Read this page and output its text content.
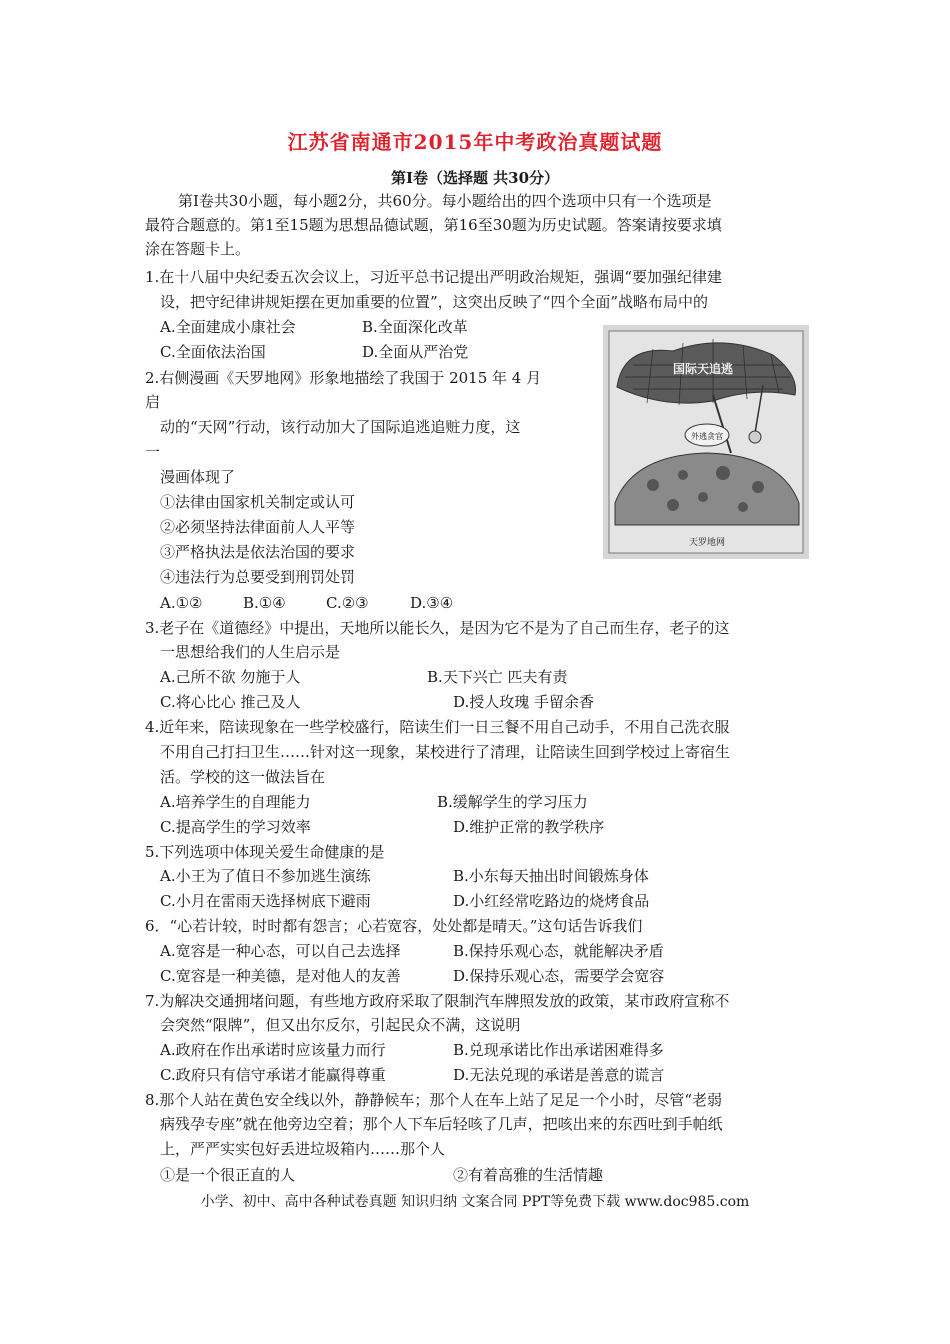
江苏省南通市2015年中考政治真题试题
第Ⅰ卷（选择题 共30分）
第Ⅰ卷共30小题，每小题2分，共60分。每小题给出的四个选项中只有一个选项是
最符合题意的。第1至15题为思想品德试题，第16至30题为历史试题。答案请按要求填
涂在答题卡上。
1.在十八届中央纪委五次会议上，习近平总书记提出严明政治规矩，强调“要加强纪律建
设，把守纪律讲规矩摆在更加重要的位置”，这突出反映了“四个全面”战略布局中的
A.全面建成小康社会	B.全面深化改革
C.全面依法治国	D.全面从严治党
2.右侧漫画《天罗地网》形象地描绘了我国于 2015 年 4 月
启
动的“天网”行动，该行动加大了国际追逃追赃力度，这
一
漫画体现了
①法律由国家机关制定或认可
②必须坚持法律面前人人平等
③严格执法是依法治国的要求
④违法行为总要受到刑罚处罚
A.①②	B.①④	C.②③	D.③④
国际天追逃
外逃贪官
天罗地网
3.老子在《道德经》中提出，天地所以能长久，是因为它不是为了自己而生存，老子的这
一思想给我们的人生启示是
A.己所不欲 勿施于人	B.天下兴亡 匹夫有责
C.将心比心 推己及人	D.授人玫瑰 手留余香
4.近年来，陪读现象在一些学校盛行，陪读生们一日三餐不用自己动手，不用自己洗衣服
不用自己打扫卫生……针对这一现象，某校进行了清理，让陪读生回到学校过上寄宿生
活。学校的这一做法旨在
A.培养学生的自理能力	B.缓解学生的学习压力
C.提高学生的学习效率	D.维护正常的教学秩序
5.下列选项中体现关爱生命健康的是
A.小王为了值日不参加逃生演练	B.小东每天抽出时间锻炼身体
C.小月在雷雨天选择树底下避雨	D.小红经常吃路边的烧烤食品
6．“心若计较，时时都有怨言；心若宽容，处处都是晴天。”这句话告诉我们
A.宽容是一种心态，可以自己去选择	B.保持乐观心态，就能解决矛盾
C.宽容是一种美德，是对他人的友善	D.保持乐观心态，需要学会宽容
7.为解决交通拥堵问题，有些地方政府采取了限制汽车牌照发放的政策，某市政府宣称不
会突然“限牌”，但又出尔反尔，引起民众不满，这说明
A.政府在作出承诺时应该量力而行	B.兑现承诺比作出承诺困难得多
C.政府只有信守承诺才能赢得尊重	D.无法兑现的承诺是善意的谎言
8.那个人站在黄色安全线以外，静静候车；那个人在车上站了足足一个小时，尽管“老弱
病残孕专座”就在他旁边空着；那个人下车后轻咳了几声，把咳出来的东西吐到手帕纸
上，严严实实包好丢进垃圾箱内……那个人
①是一个很正直的人	②有着高雅的生活情趣
小学、初中、高中各种试卷真题 知识归纳 文案合同 PPT等免费下载 www.doc985.com
